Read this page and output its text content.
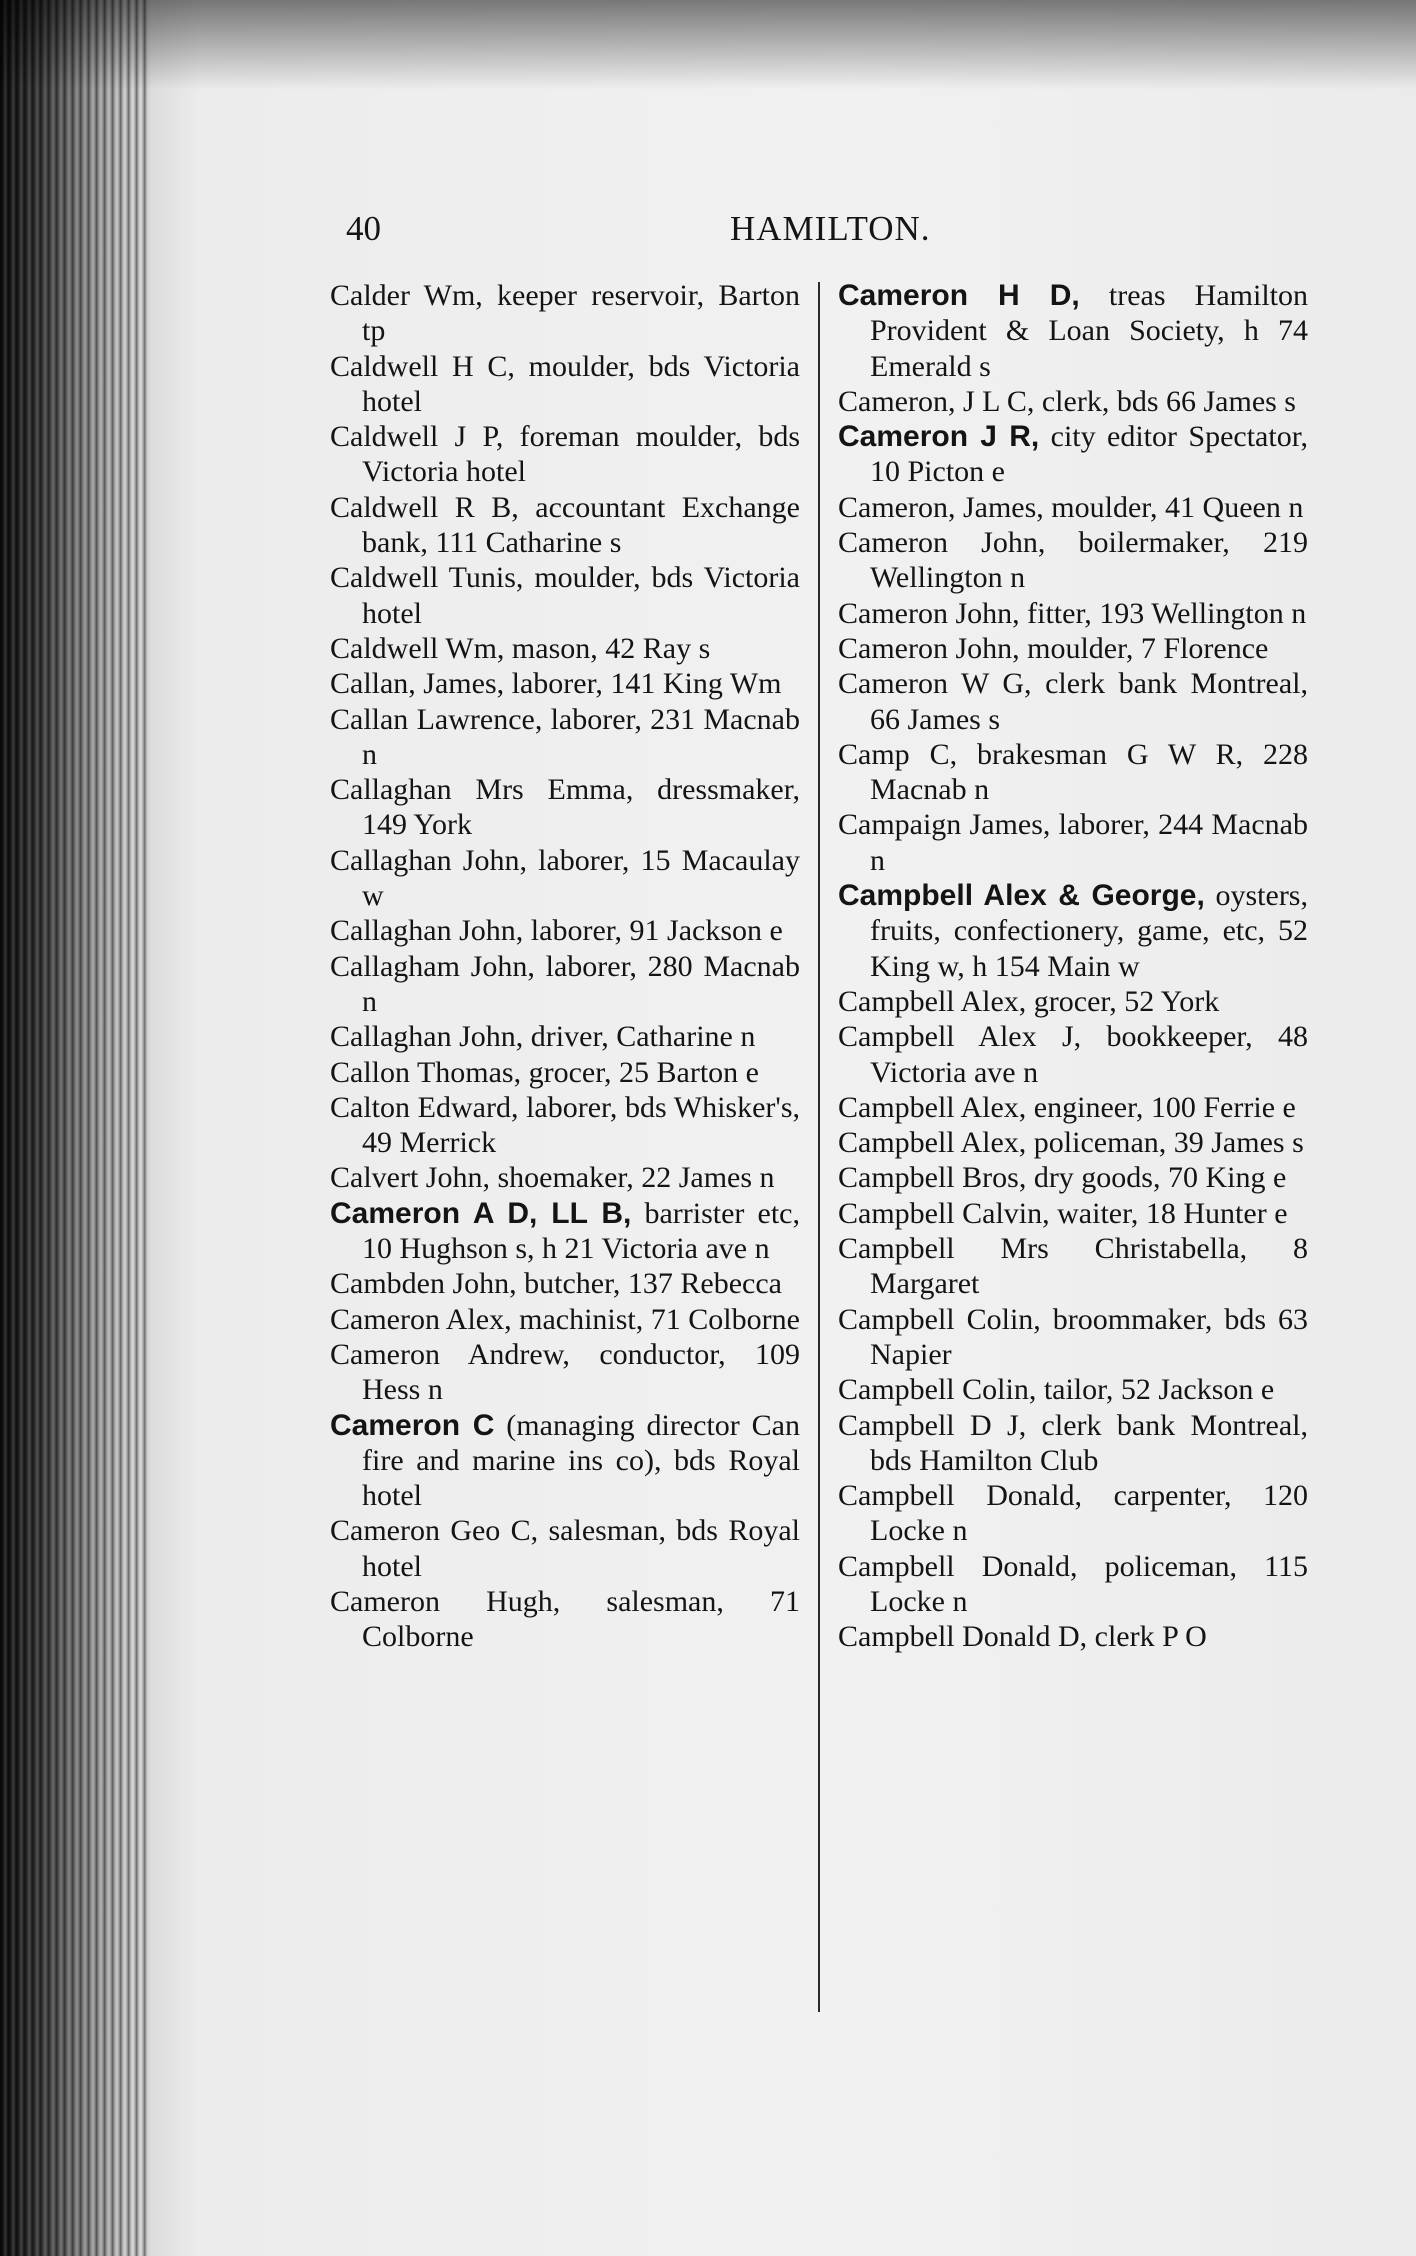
40	HAMILTON.

Calder Wm, keeper reservoir, Barton tp

Caldwell H C, moulder, bds Victoria hotel

Caldwell J P, foreman moulder, bds Victoria hotel

Caldwell R B, accountant Exchange bank, 111 Catharine s

Caldwell Tunis, moulder, bds Victoria hotel

Caldwell Wm, mason, 42 Ray s

Callan, James, laborer, 141 King Wm

Callan Lawrence, laborer, 231 Macnab n

Callaghan Mrs Emma, dressmaker, 149 York

Callaghan John, laborer, 15 Macaulay w

Callaghan John, laborer, 91 Jackson e

Callagham John, laborer, 280 Macnab n

Callaghan John, driver, Catharine n

Callon Thomas, grocer, 25 Barton e

Calton Edward, laborer, bds Whisker's, 49 Merrick

Calvert John, shoemaker, 22 James n

Cameron A D, LL B, barrister etc, 10 Hughson s, h 21 Victoria ave n

Cambden John, butcher, 137 Rebecca

Cameron Alex, machinist, 71 Colborne

Cameron Andrew, conductor, 109 Hess n

Cameron C (managing director Can fire and marine ins co), bds Royal hotel

Cameron Geo C, salesman, bds Royal hotel

Cameron Hugh, salesman, 71 Colborne

Cameron H D, treas Hamilton Provident & Loan Society, h 74 Emerald s

Cameron, J L C, clerk, bds 66 James s

Cameron J R, city editor Spectator, 10 Picton e

Cameron, James, moulder, 41 Queen n

Cameron John, boilermaker, 219 Wellington n

Cameron John, fitter, 193 Wellington n

Cameron John, moulder, 7 Florence

Cameron W G, clerk bank Montreal, 66 James s

Camp C, brakesman G W R, 228 Macnab n

Campaign James, laborer, 244 Macnab n

Campbell Alex & George, oysters, fruits, confectionery, game, etc, 52 King w, h 154 Main w

Campbell Alex, grocer, 52 York

Campbell Alex J, bookkeeper, 48 Victoria ave n

Campbell Alex, engineer, 100 Ferrie e

Campbell Alex, policeman, 39 James s

Campbell Bros, dry goods, 70 King e

Campbell Calvin, waiter, 18 Hunter e

Campbell Mrs Christabella, 8 Margaret

Campbell Colin, broommaker, bds 63 Napier

Campbell Colin, tailor, 52 Jackson e

Campbell D J, clerk bank Montreal, bds Hamilton Club

Campbell Donald, carpenter, 120 Locke n

Campbell Donald, policeman, 115 Locke n

Campbell Donald D, clerk P O
